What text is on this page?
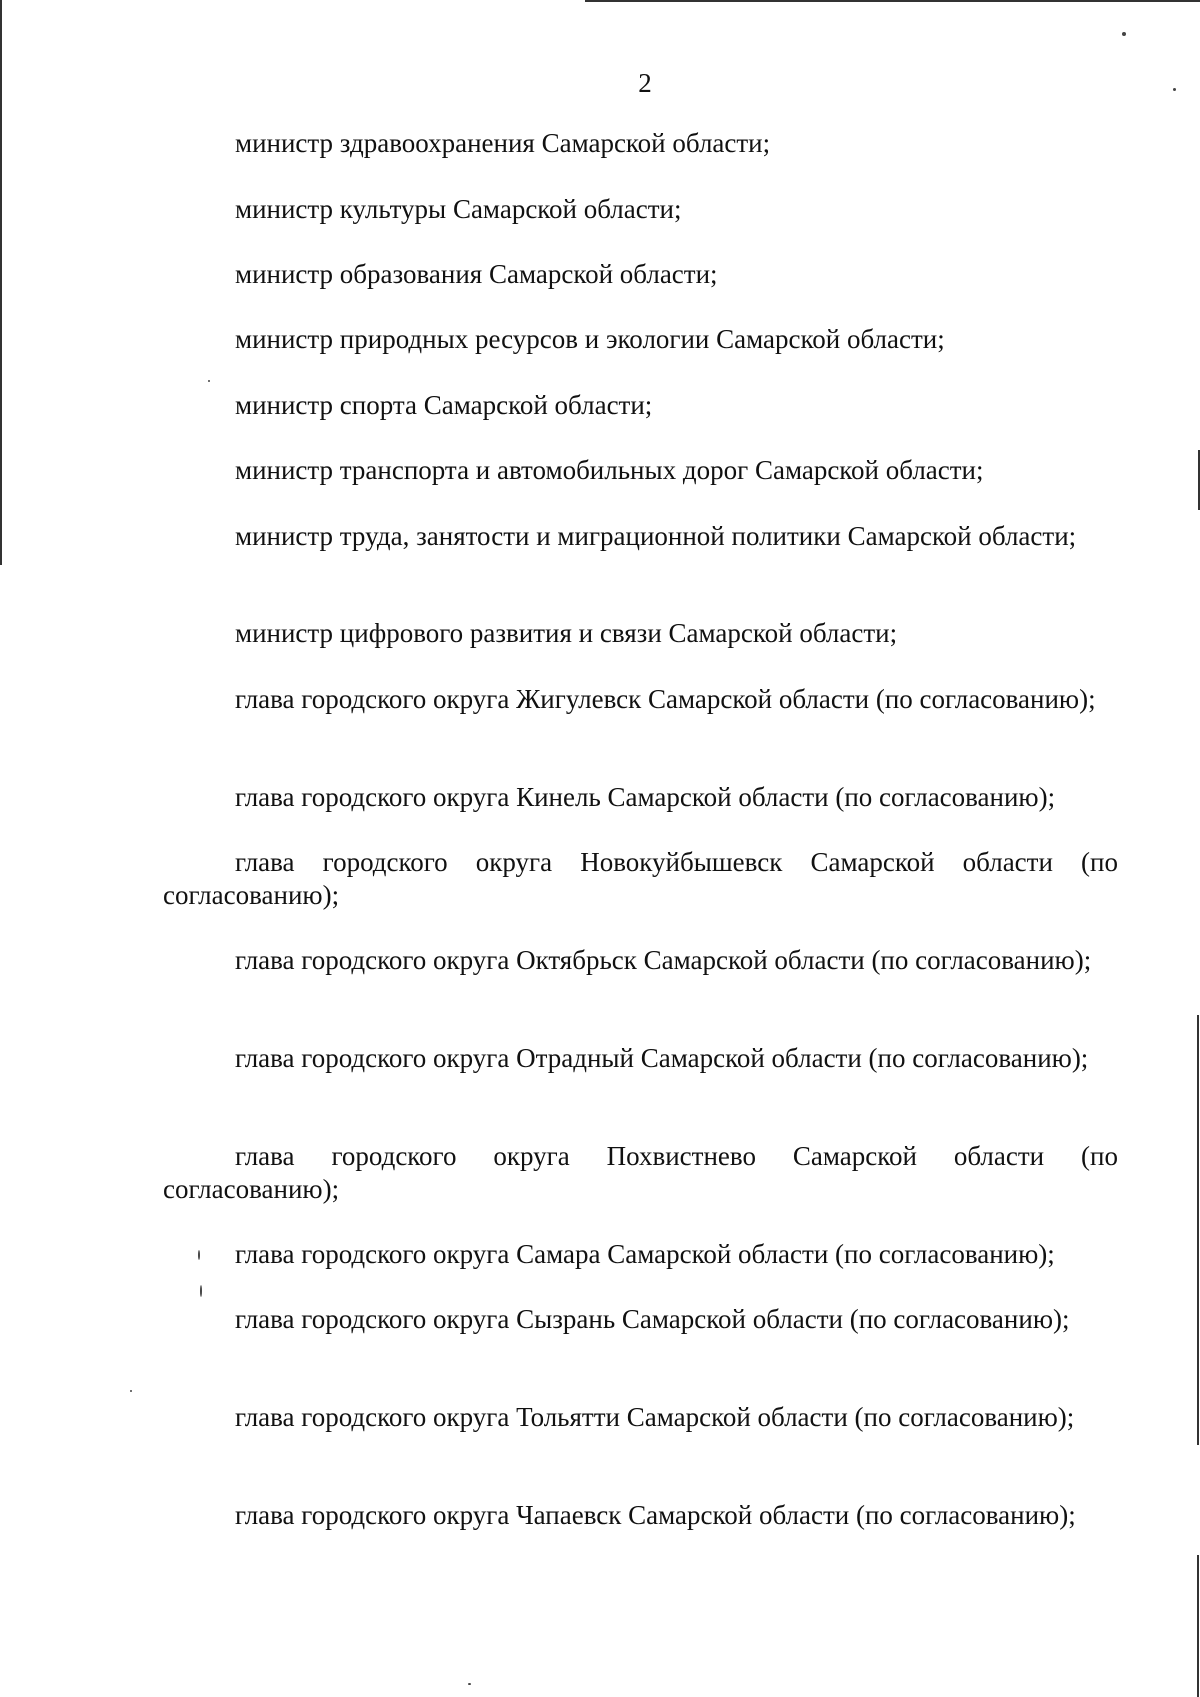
2

министр здравоохранения Самарской области;

министр культуры Самарской области;

министр образования Самарской области;

министр природных ресурсов и экологии Самарской области;

министр спорта Самарской области;

министр транспорта и автомобильных дорог Самарской области;

министр труда, занятости и миграционной политики Самарской области;

министр цифрового развития и связи Самарской области;

глава городского округа Жигулевск Самарской области (по согласованию);

глава городского округа Кинель Самарской области (по согласованию);

глава городского округа Новокуйбышевск Самарской области (по согласованию);

глава городского округа Октябрьск Самарской области (по согласованию);

глава городского округа Отрадный Самарской области (по согласованию);

глава городского округа Похвистнево Самарской области (по согласованию);

глава городского округа Самара Самарской области (по согласованию);

глава городского округа Сызрань Самарской области (по согласованию);

глава городского округа Тольятти Самарской области (по согласованию);

глава городского округа Чапаевск Самарской области (по согласованию);
